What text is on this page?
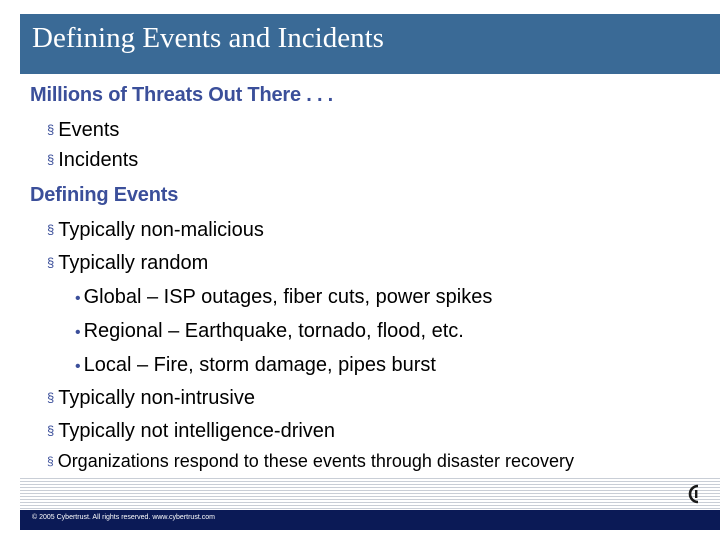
Defining Events and Incidents
Millions of Threats Out There . . .
§ Events
§ Incidents
Defining Events
§ Typically non-malicious
§ Typically random
• Global – ISP outages, fiber cuts, power spikes
• Regional – Earthquake, tornado, flood, etc.
• Local – Fire, storm damage, pipes burst
§ Typically non-intrusive
§ Typically not intelligence-driven
§ Organizations respond to these events through disaster recovery
© 2005 Cybertrust. All rights reserved. www.cybertrust.com
